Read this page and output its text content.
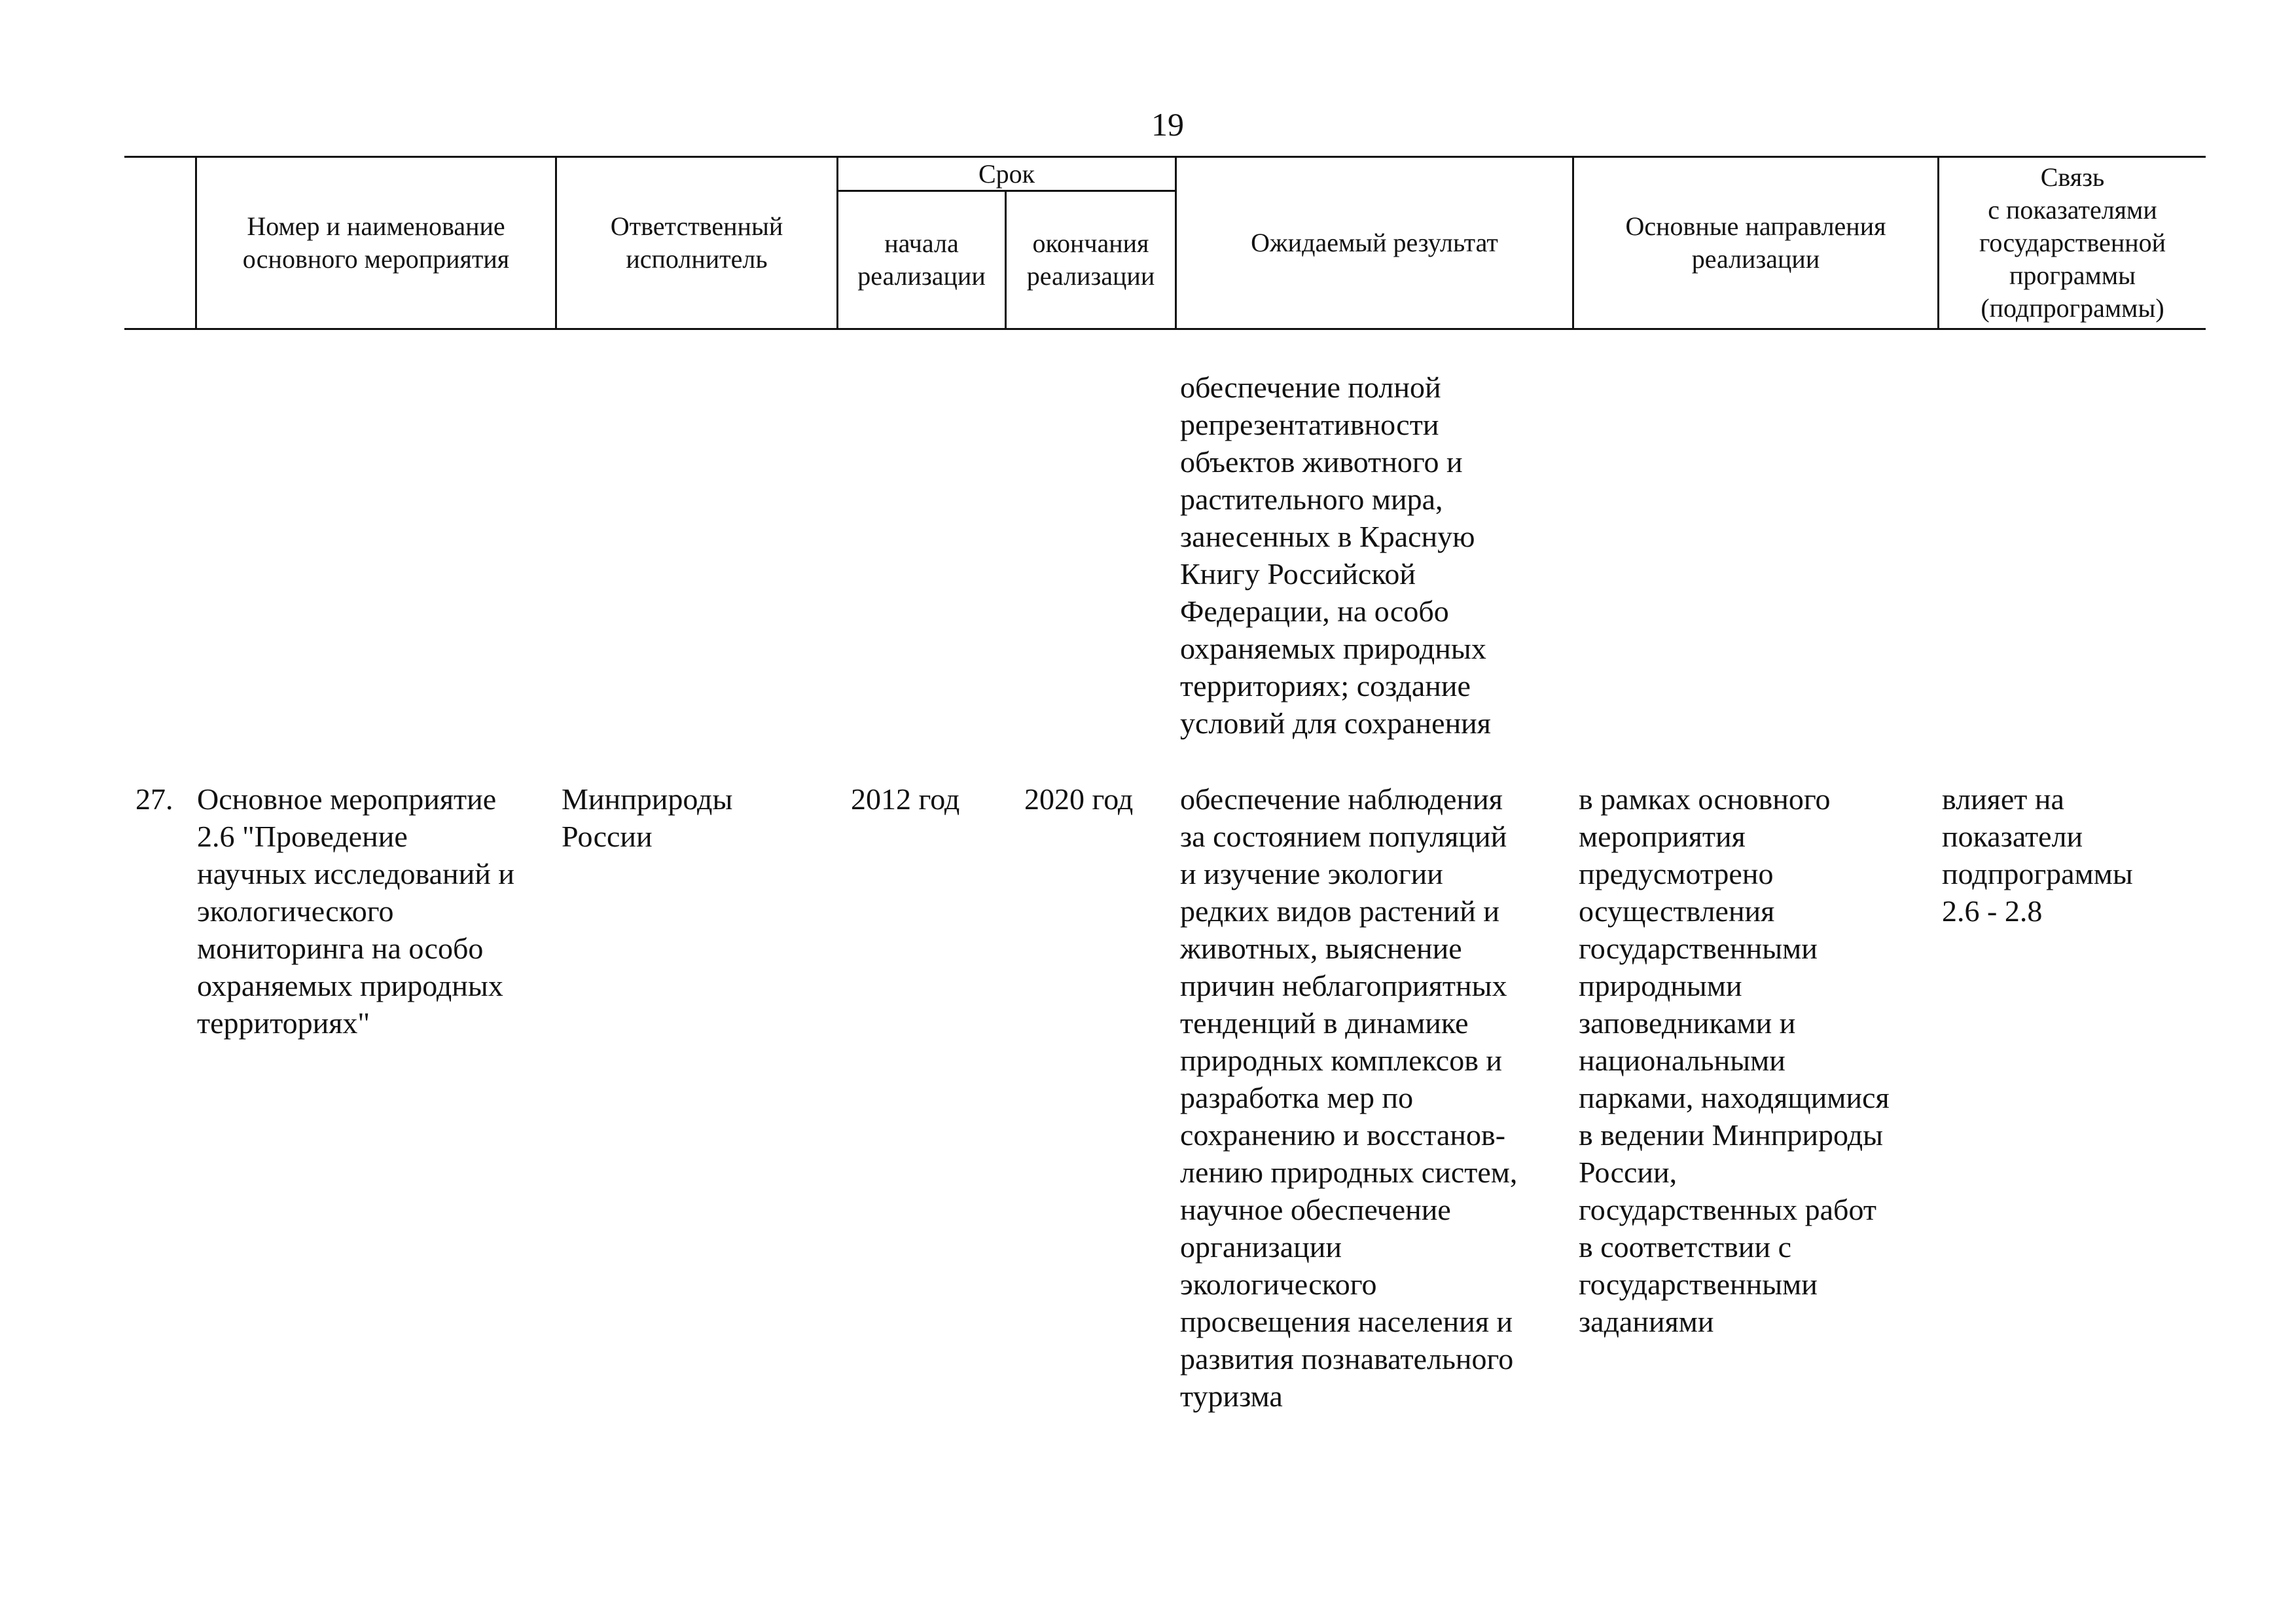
19
Номер и наименование
основного мероприятия
Ответственный
исполнитель
Срок
начала
реализации
окончания
реализации
Ожидаемый результат
Основные направления
реализации
Связь
с показателями
государственной
программы
(подпрограммы)
обеспечение полной
репрезентативности
объектов животного и
растительного мира,
занесенных в Красную
Книгу Российской
Федерации, на особо
охраняемых природных
территориях; создание
условий для сохранения
27. Основное мероприятие
2.6 "Проведение
научных исследований и
экологического
мониторинга на особо
охраняемых природных
территориях"
Минприроды
России
2012 год	2020 год	обеспечение наблюдения
за состоянием популяций
и изучение экологии
редких видов растений и
животных, выяснение
причин неблагоприятных
тенденций в динамике
природных комплексов и
разработка мер по
сохранению и восстанов-
лению природных систем,
научное обеспечение
организации
экологического
просвещения населения и
развития познавательного
туризма
в рамках основного
мероприятия
предусмотрено
осуществления
государственными
природными
заповедниками и
национальными
парками, находящимися
в ведении Минприроды
России,
государственных работ
в соответствии с
государственными
заданиями
влияет на
показатели
подпрограммы
2.6 - 2.8
